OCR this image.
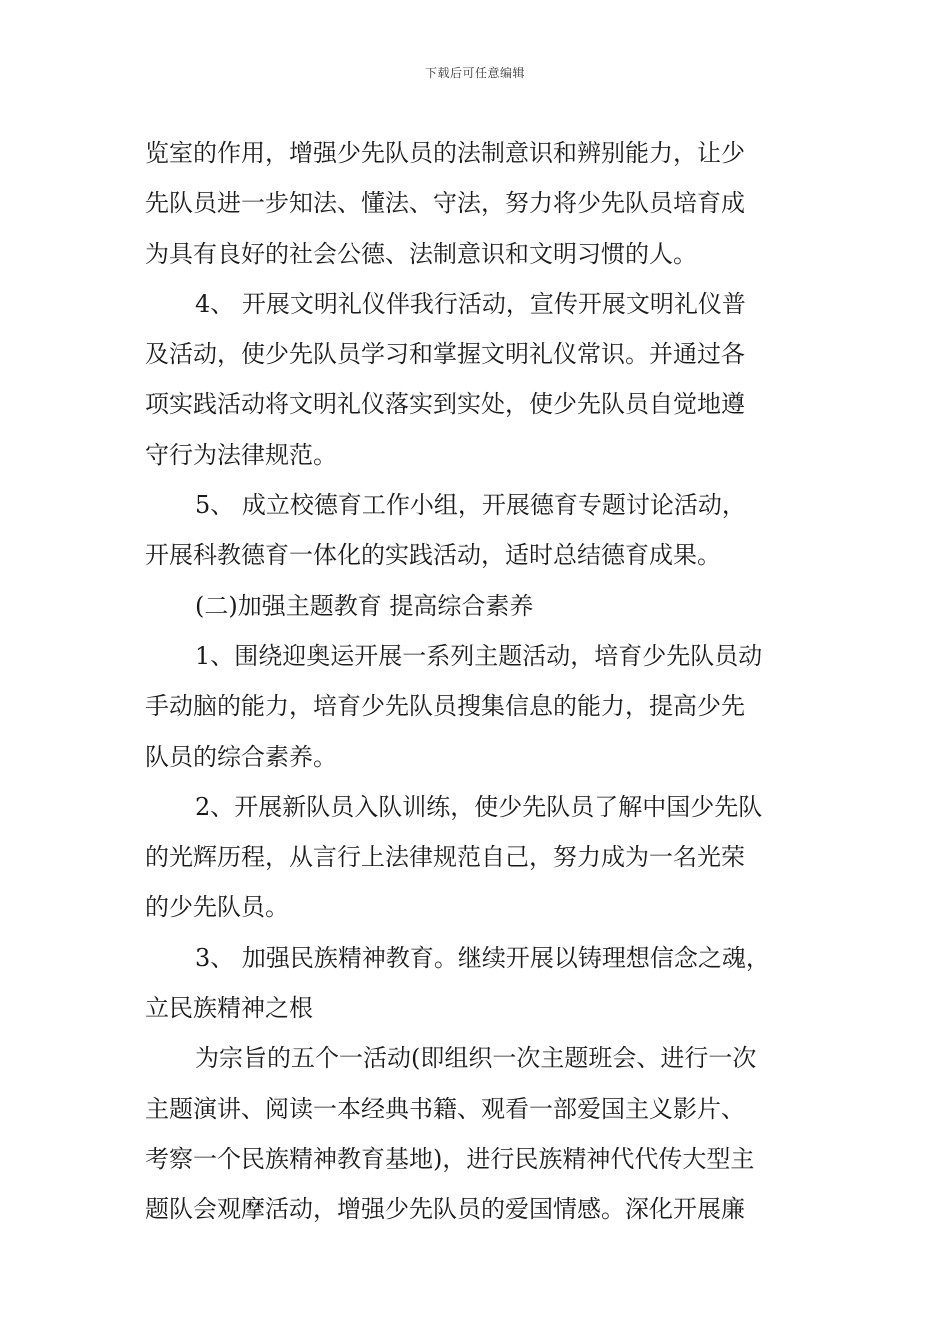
下载后可任意编辑
览室的作用，增强少先队员的法制意识和辨别能力，让少
先队员进一步知法、懂法、守法，努力将少先队员培育成
为具有良好的社会公德、法制意识和文明习惯的人。
4、 开展文明礼仪伴我行活动，宣传开展文明礼仪普
及活动，使少先队员学习和掌握文明礼仪常识。并通过各
项实践活动将文明礼仪落实到实处，使少先队员自觉地遵
守行为法律规范。
5、 成立校德育工作小组，开展德育专题讨论活动，
开展科教德育一体化的实践活动，适时总结德育成果。
(二)加强主题教育 提高综合素养
1、围绕迎奥运开展一系列主题活动，培育少先队员动
手动脑的能力，培育少先队员搜集信息的能力，提高少先
队员的综合素养。
2、开展新队员入队训练，使少先队员了解中国少先队
的光辉历程，从言行上法律规范自己，努力成为一名光荣
的少先队员。
3、 加强民族精神教育。继续开展以铸理想信念之魂，
立民族精神之根
为宗旨的五个一活动(即组织一次主题班会、进行一次
主题演讲、阅读一本经典书籍、观看一部爱国主义影片、
考察一个民族精神教育基地)，进行民族精神代代传大型主
题队会观摩活动，增强少先队员的爱国情感。深化开展廉
